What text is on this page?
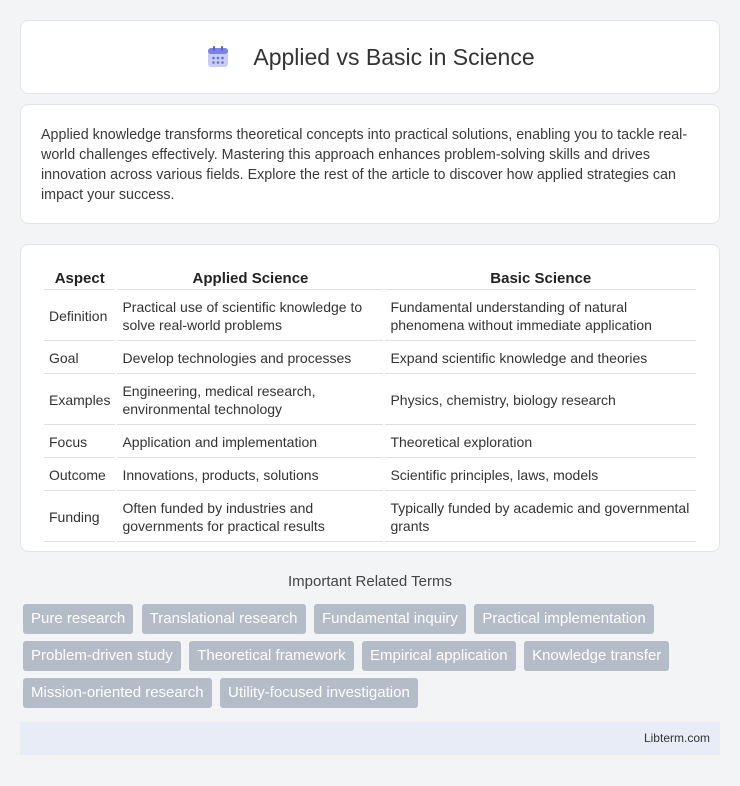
Applied vs Basic in Science

Applied knowledge transforms theoretical concepts into practical solutions, enabling you to tackle real-world challenges effectively. Mastering this approach enhances problem-solving skills and drives innovation across various fields. Explore the rest of the article to discover how applied strategies can impact your success.

Aspect	Applied Science	Basic Science
Definition	Practical use of scientific knowledge to solve real-world problems	Fundamental understanding of natural phenomena without immediate application
Goal	Develop technologies and processes	Expand scientific knowledge and theories
Examples	Engineering, medical research, environmental technology	Physics, chemistry, biology research
Focus	Application and implementation	Theoretical exploration
Outcome	Innovations, products, solutions	Scientific principles, laws, models
Funding	Often funded by industries and governments for practical results	Typically funded by academic and governmental grants
Important Related Terms
Pure research Translational research Fundamental inquiry Practical implementation Problem-driven study Theoretical framework Empirical application Knowledge transfer Mission-oriented research Utility-focused investigation
Libterm.com
